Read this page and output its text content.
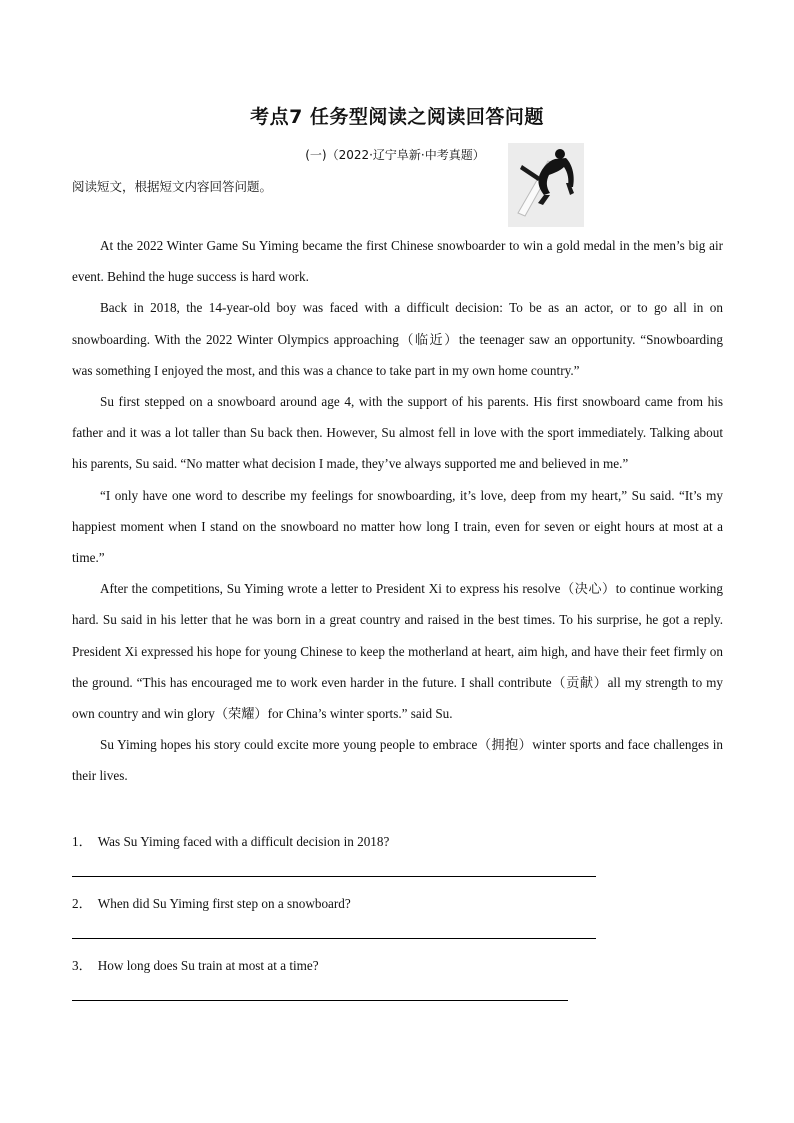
考点7 任务型阅读之阅读回答问题
(一)（2022·辽宁阜新·中考真题）
阅读短文，根据短文内容回答问题。

At the 2022 Winter Game Su Yiming became the first Chinese snowboarder to win a gold medal in the men’s big air event. Behind the huge success is hard work.

Back in 2018, the 14-year-old boy was faced with a difficult decision: To be as an actor, or to go all in on snowboarding. With the 2022 Winter Olympics approaching（临近）the teenager saw an opportunity. “Snowboarding was something I enjoyed the most, and this was a chance to take part in my own home country.”

Su first stepped on a snowboard around age 4, with the support of his parents. His first snowboard came from his father and it was a lot taller than Su back then. However, Su almost fell in love with the sport immediately. Talking about his parents, Su said. “No matter what decision I made, they’ve always supported me and believed in me.”

“I only have one word to describe my feelings for snowboarding, it’s love, deep from my heart,” Su said. “It’s my happiest moment when I stand on the snowboard no matter how long I train, even for seven or eight hours at most at a time.”

After the competitions, Su Yiming wrote a letter to President Xi to express his resolve（决心）to continue working hard. Su said in his letter that he was born in a great country and raised in the best times. To his surprise, he got a reply. President Xi expressed his hope for young Chinese to keep the motherland at heart, aim high, and have their feet firmly on the ground. “This has encouraged me to work even harder in the future. I shall contribute（贡献）all my strength to my own country and win glory（荣耀）for China’s winter sports.” said Su.

Su Yiming hopes his story could excite more young people to embrace（拥抱）winter sports and face challenges in their lives.

1． Was Su Yiming faced with a difficult decision in 2018?
2． When did Su Yiming first step on a snowboard?
3． How long does Su train at most at a time?
